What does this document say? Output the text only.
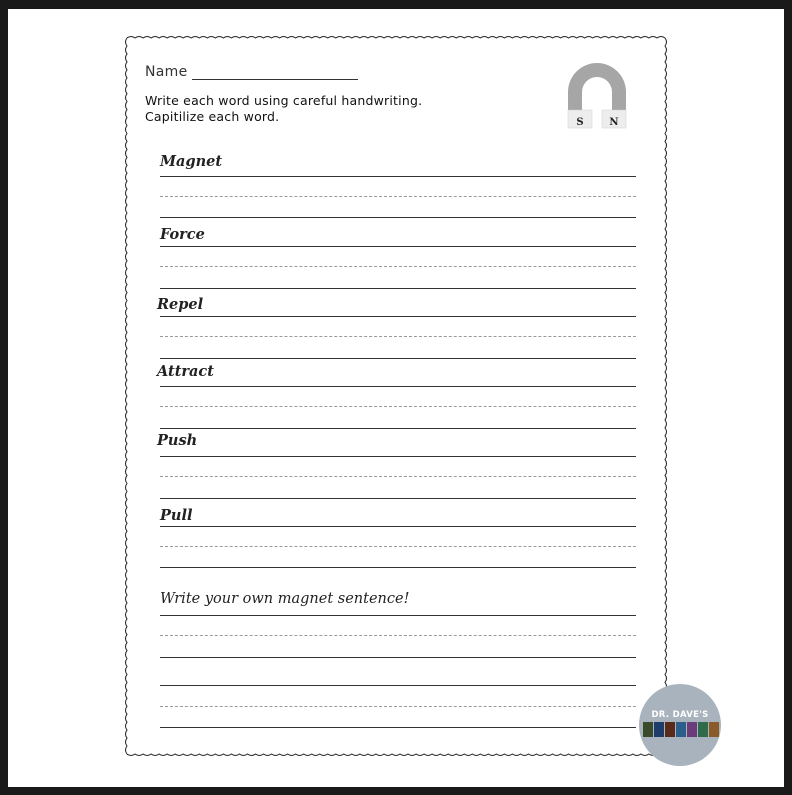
Name
Write each word using careful handwriting.
Capitilize each word.	S	N
Magnet
Force
Repel
Attract
Push
Pull
Write your own magnet sentence!
DR. DAVE'S
